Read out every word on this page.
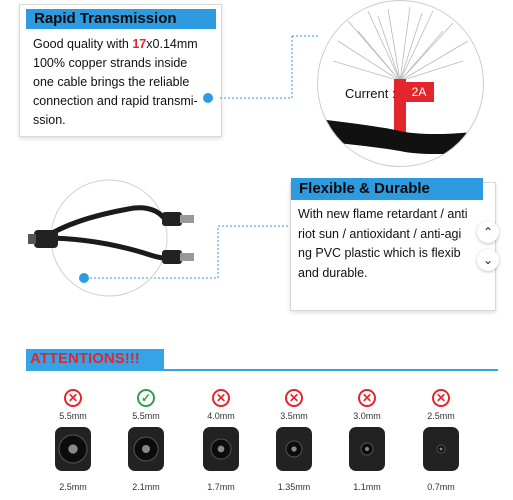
Rapid Transmission
Good quality with 17x0.14mm
100% copper strands inside
one cable brings the reliable
connection and rapid transmi-
ssion.
Current :	2A
Flexible & Durable
With new flame retardant / anti
riot sun / antioxidant / anti-agi
ng PVC plastic which is flexib
and durable.
⌃
⌄
ATTENTIONS!!!
✕
5.5mm
2.5mm
✓
5.5mm
2.1mm
✕
4.0mm
1.7mm
✕
3.5mm
1.35mm
✕
3.0mm
1.1mm
✕
2.5mm
0.7mm
